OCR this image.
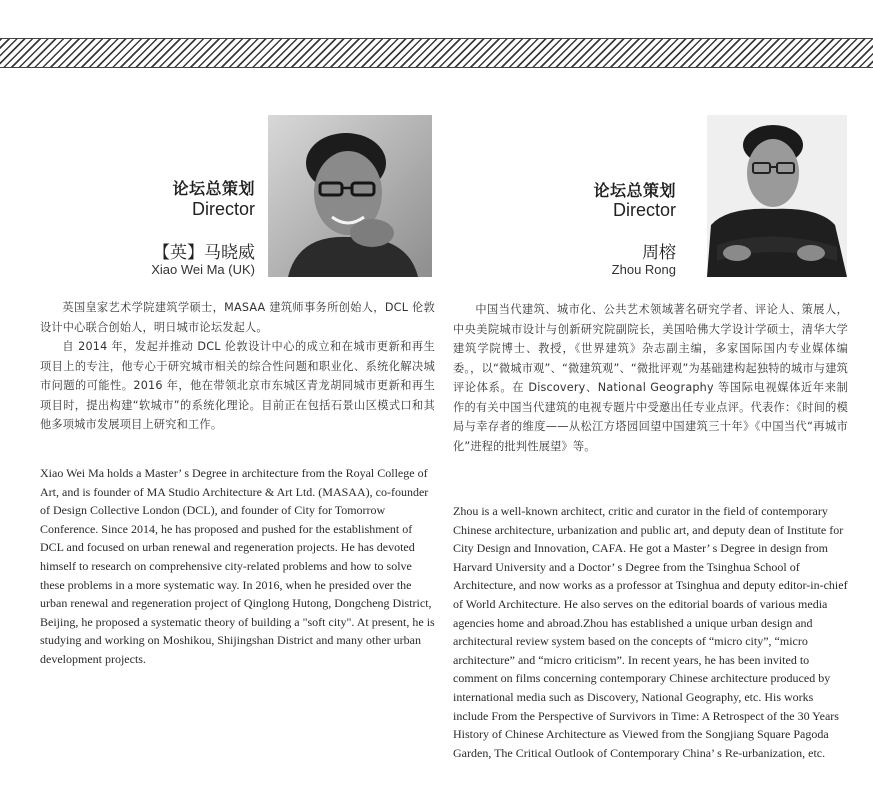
论坛总策划
Director
【英】马晓威
Xiao Wei Ma (UK)

英国皇家艺术学院建筑学硕士，MASAA 建筑师事务所创始人，DCL 伦敦设计中心联合创始人，明日城市论坛发起人。

自 2014 年，发起并推动 DCL 伦敦设计中心的成立和在城市更新和再生项目上的专注，他专心于研究城市相关的综合性问题和职业化、系统化解决城市问题的可能性。2016 年，他在带领北京市东城区青龙胡同城市更新和再生项目时，提出构建“软城市”的系统化理论。目前正在包括石景山区模式口和其他多项城市发展项目上研究和工作。

Xiao Wei Ma holds a Master’ s Degree in architecture from the Royal College of Art, and is founder of MA Studio Architecture & Art Ltd. (MASAA), co-founder of Design Collective London (DCL), and founder of City for Tomorrow Conference. Since 2014, he has proposed and pushed for the establishment of DCL and focused on urban renewal and regeneration projects. He has devoted himself to research on comprehensive city-related problems and how to solve these problems in a more systematic way. In 2016, when he presided over the urban renewal and regeneration project of Qinglong Hutong, Dongcheng District, Beijing, he proposed a systematic theory of building a "soft city". At present, he is studying and working on Moshikou, Shijingshan District and many other urban development projects.

论坛总策划
Director
周榕
Zhou Rong

中国当代建筑、城市化、公共艺术领域著名研究学者、评论人、策展人，中央美院城市设计与创新研究院副院长，美国哈佛大学设计学硕士，清华大学建筑学院博士、教授，《世界建筑》杂志副主编，多家国际国内专业媒体编委。，以“微城市观”、“微建筑观”、“微批评观”为基础建构起独特的城市与建筑评论体系。在 Discovery、National Geography 等国际电视媒体近年来制作的有关中国当代建筑的电视专题片中受邀出任专业点评。代表作：《时间的模局与幸存者的维度——从松江方塔园回望中国建筑三十年》《中国当代“再城市化”进程的批判性展望》等。

Zhou is a well-known architect, critic and curator in the field of contemporary Chinese architecture, urbanization and public art, and deputy dean of Institute for City Design and Innovation, CAFA. He got a Master’ s Degree in design from Harvard University and a Doctor’ s Degree from the Tsinghua School of Architecture, and now works as a professor at Tsinghua and deputy editor-in-chief of World Architecture. He also serves on the editorial boards of various media agencies home and abroad.Zhou has established a unique urban design and architectural review system based on the concepts of “micro city”, “micro architecture” and “micro criticism”. In recent years, he has been invited to comment on films concerning contemporary Chinese architecture produced by international media such as Discovery, National Geography, etc. His works include From the Perspective of Survivors in Time: A Retrospect of the 30 Years History of Chinese Architecture as Viewed from the Songjiang Square Pagoda Garden, The Critical Outlook of Contemporary China’ s Re-urbanization, etc.
